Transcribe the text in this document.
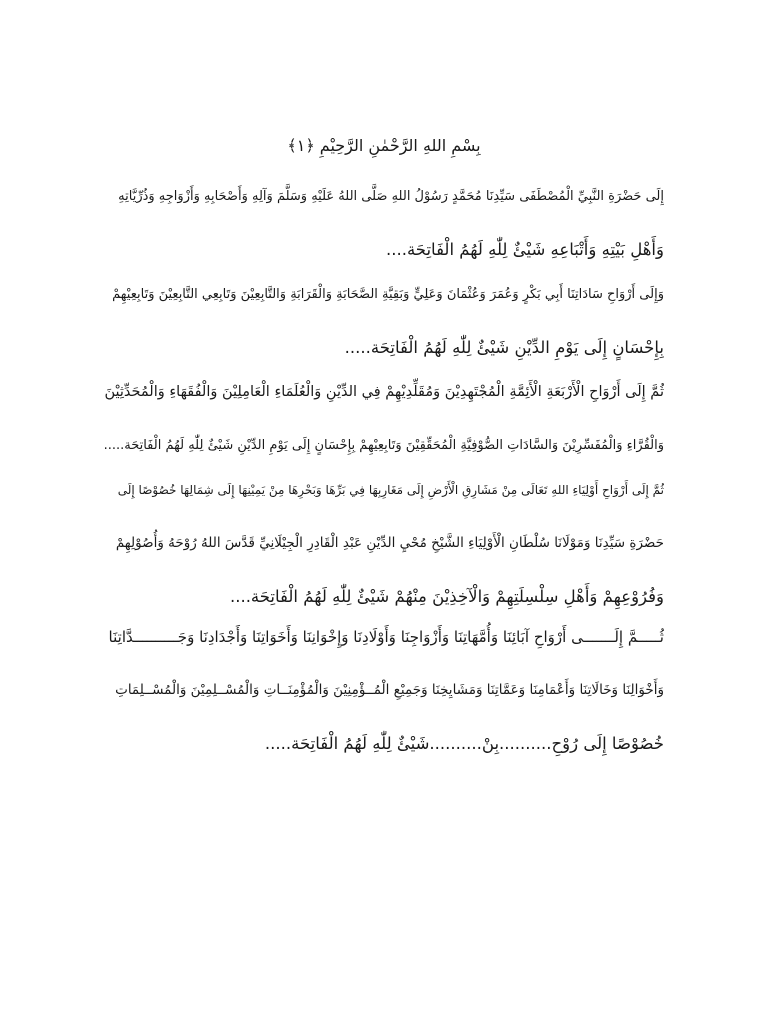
بِسْمِ اللهِ الرَّحْمٰنِ الرَّحِيْمِ ﴿١﴾
إِلَى حَضْرَةِ النَّبِيِّ الْمُصْطَفَى سَيِّدِنَا مُحَمَّدٍ رَسُوْلُ اللهِ صَلَّى اللهُ عَلَيْهِ وَسَلَّمَ وَآلِهِ وَأَصْحَابِهِ وَأَزْوَاجِهِ وَذُرِّيَّاتِهِ
وَأَهْلِ بَيْتِهِ وَأَتْبَاعِهِ شَيْئٌ لِلّٰهِ لَهُمُ الْفَاتِحَة....
وَإِلَى أَرْوَاحِ سَادَاتِنَا أَبِي بَكْرٍ وَعُمَرَ وَعُثْمَانَ وَعَلِيٍّ وَبَقِيَّةِ الصَّحَابَةِ وَالْقَرَابَةِ وَالتَّابِعِيْنَ وَتَابِعِي التَّابِعِيْنَ وَتَابِعِيْهِمْ
بِإِحْسَانٍ إِلَى يَوْمِ الدِّيْنِ شَيْئٌ لِلّٰهِ لَهُمُ الْفَاتِحَة.....
ثُمَّ إِلَى أَرْوَاحِ الْأَرْبَعَةِ الْأَئِمَّةِ الْمُجْتَهِدِيْنَ وَمُقَلِّدِيْهِمْ فِي الدِّيْنِ وَالْعُلَمَاءِ الْعَامِلِيْنَ وَالْفُقَهَاءِ وَالْمُحَدِّثِيْنَ
وَالْقُرَّاءِ وَالْمُفَسِّرِيْنَ وَالسَّادَاتِ الصُّوْفِيَّةِ الْمُحَقِّقِيْنَ وَتَابِعِيْهِمْ بِإِحْسَانٍ إِلَى يَوْمِ الدِّيْنِ شَيْئٌ لِلّٰهِ لَهُمُ الْفَاتِحَة.....
ثُمَّ إِلَى أَرْوَاحِ أَوْلِيَاءِ اللهِ تَعَالَى مِنْ مَشَارِقِ الْأَرْضِ إِلَى مَغَارِبِهَا فِي بَرِّهَا وَبَحْرِهَا مِنْ يَمِيْنِهَا إِلَى شِمَالِهَا خُصُوْصًا إِلَى
حَضْرَةِ سَيِّدِنَا وَمَوْلَانَا سُلْطَانِ الْأَوْلِيَاءِ الشَّيْخِ مُحْيِ الدِّيْنِ عَبْدِ الْقَادِرِ الْجِيْلَانِيِّ قَدَّسَ اللهُ رُوْحَهُ وَأُصُوْلِهِمْ
وَفُرُوْعِهِمْ وَأَهْلِ سِلْسِلَتِهِمْ وَالْآخِذِيْنَ مِنْهُمْ شَيْئٌ لِلّٰهِ لَهُمُ الْفَاتِحَة....
ثُـــــمَّ إِلَـــــــى أَرْوَاحِ آبَائِنَا وَأُمَّهَاتِنَا وَأَزْوَاجِنَا وَأَوْلَادِنَا وَإِخْوَانِنَا وَأَخَوَاتِنَا وَأَجْدَادِنَا وَجَــــــــــدَّاتِنَا
وَأَخْوَالِنَا وَخَالَاتِنَا وَأَعْمَامِنَا وَعَمَّاتِنَا وَمَشَايِخِنَا وَجَمِيْعِ الْمُــؤْمِنِيْنَ وَالْمُؤْمِنَــاتِ وَالْمُسْــلِمِيْنَ وَالْمُسْــلِمَاتِ
خُصُوْصًا إِلَى رُوْحِ..........بِنْ..........شَيْئٌ لِلّٰهِ لَهُمُ الْفَاتِحَة.....
